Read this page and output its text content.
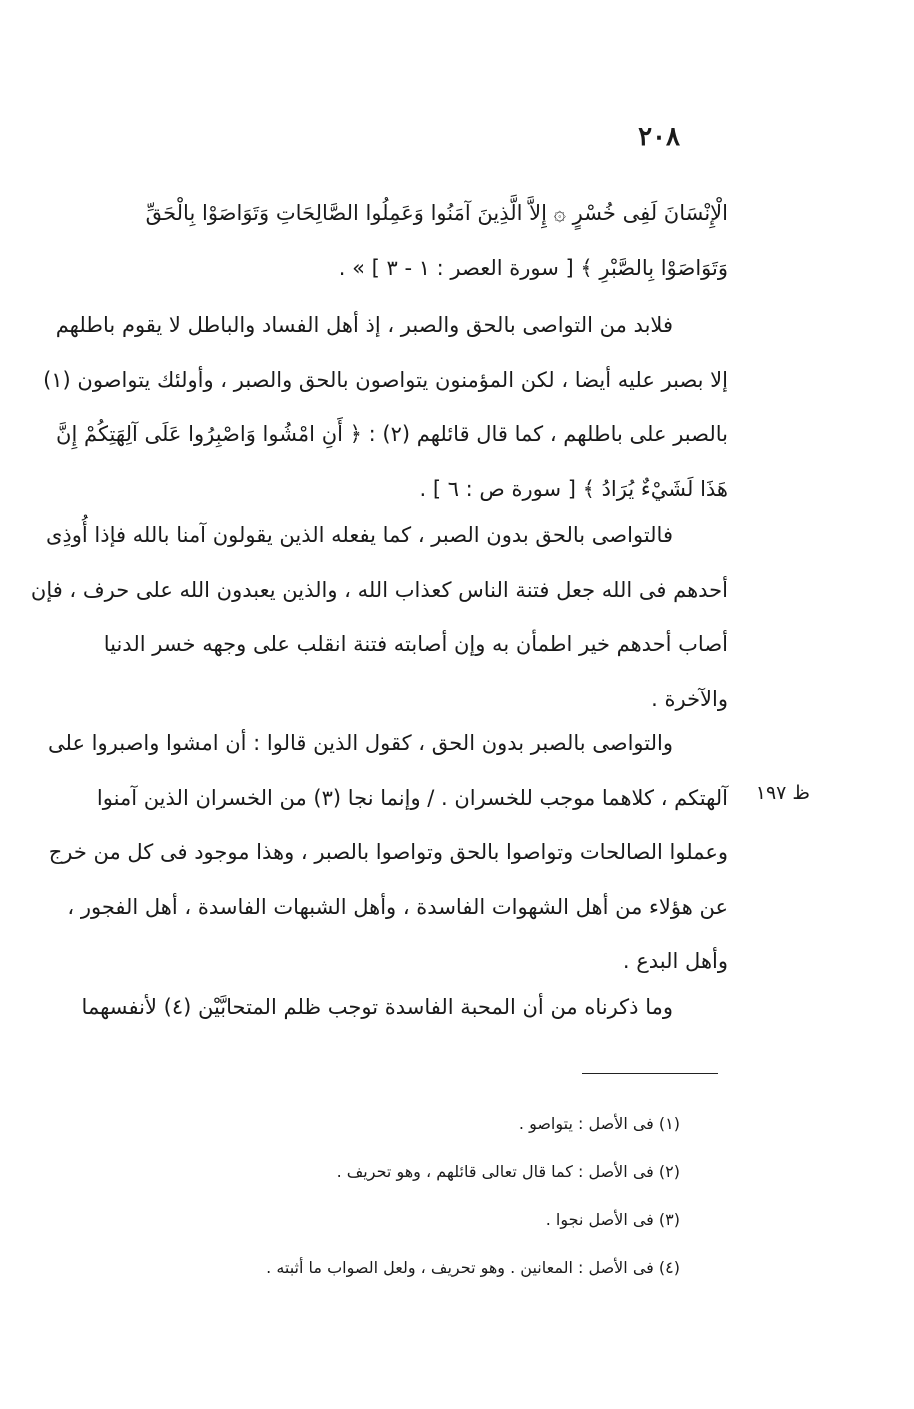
٢٠٨
الْإِنْسَانَ لَفِى خُسْرٍ ۞ إِلاَّ الَّذِينَ آمَنُوا وَعَمِلُوا الصَّالِحَاتِ وَتَوَاصَوْا بِالْحَقِّ
وَتَوَاصَوْا بِالصَّبْرِ ﴾ [ سورة العصر : ١ - ٣ ] » .
فلابد من التواصى بالحق والصبر ، إذ أهل الفساد والباطل لا يقوم باطلهم
إلا بصبر عليه أيضا ، لكن المؤمنون يتواصون بالحق والصبر ، وأولئك يتواصون (١)
بالصبر على باطلهم ، كما قال قائلهم (٢) : ﴿ أَنِ امْشُوا وَاصْبِرُوا عَلَى آلِهَتِكُمْ إِنَّ
هَذَا لَشَيْءٌ يُرَادُ ﴾ [ سورة ص : ٦ ] .
فالتواصى بالحق بدون الصبر ، كما يفعله الذين يقولون آمنا بالله فإذا أُوذِى
أحدهم فى الله جعل فتنة الناس كعذاب الله ، والذين يعبدون الله على حرف ، فإن
أصاب أحدهم خير اطمأن به وإن أصابته فتنة انقلب على وجهه خسر الدنيا
والآخرة .
ظ ١٩٧
والتواصى بالصبر بدون الحق ، كقول الذين قالوا : أن امشوا واصبروا على
آلهتكم ، كلاهما موجب للخسران . / وإنما نجا (٣) من الخسران الذين آمنوا
وعملوا الصالحات وتواصوا بالحق وتواصوا بالصبر ، وهذا موجود فى كل من خرج
عن هؤلاء من أهل الشهوات الفاسدة ، وأهل الشبهات الفاسدة ، أهل الفجور ،
وأهل البدع .
وما ذكرناه من أن المحبة الفاسدة توجب ظلم المتحابَّيْن (٤) لأنفسهما
(١) فى الأصل : يتواصو .
(٢) فى الأصل : كما قال تعالى قائلهم ، وهو تحريف .
(٣) فى الأصل نجوا .
(٤) فى الأصل : المعانين . وهو تحريف ، ولعل الصواب ما أثبته .
